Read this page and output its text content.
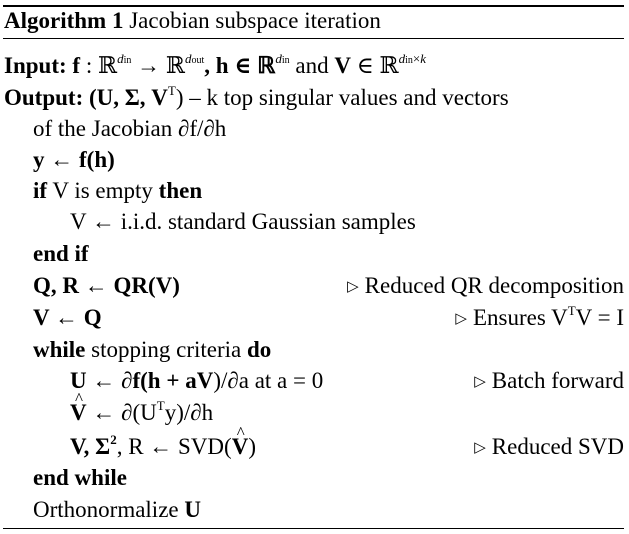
Algorithm 1 Jacobian subspace iteration
Input: f : ℝ$^{din}$ → ℝ$^{dout}$, h ∈ ℝ$^{din}$ and V ∈ ℝ$^{din\times k}$
Output: (U, Σ, $V^T$) – k top singular values and vectors
of the Jacobian ∂f/∂h
y ← f(h)
if V is empty then
V ← i.i.d. standard Gaussian samples
end if
Q, R ← QR(V)	▷ Reduced QR decomposition
V ← Q	▷ Ensures $V^TV = I$
while stopping criteria do
U ← ∂f(h + aV)/∂a at a = 0	▷ Batch forward
^ V ← $\partial(U^Ty)/\partial h$
V, $\Sigma^2$, R ← SVD(^ V)	▷ Reduced SVD
end while
Orthonormalize U
